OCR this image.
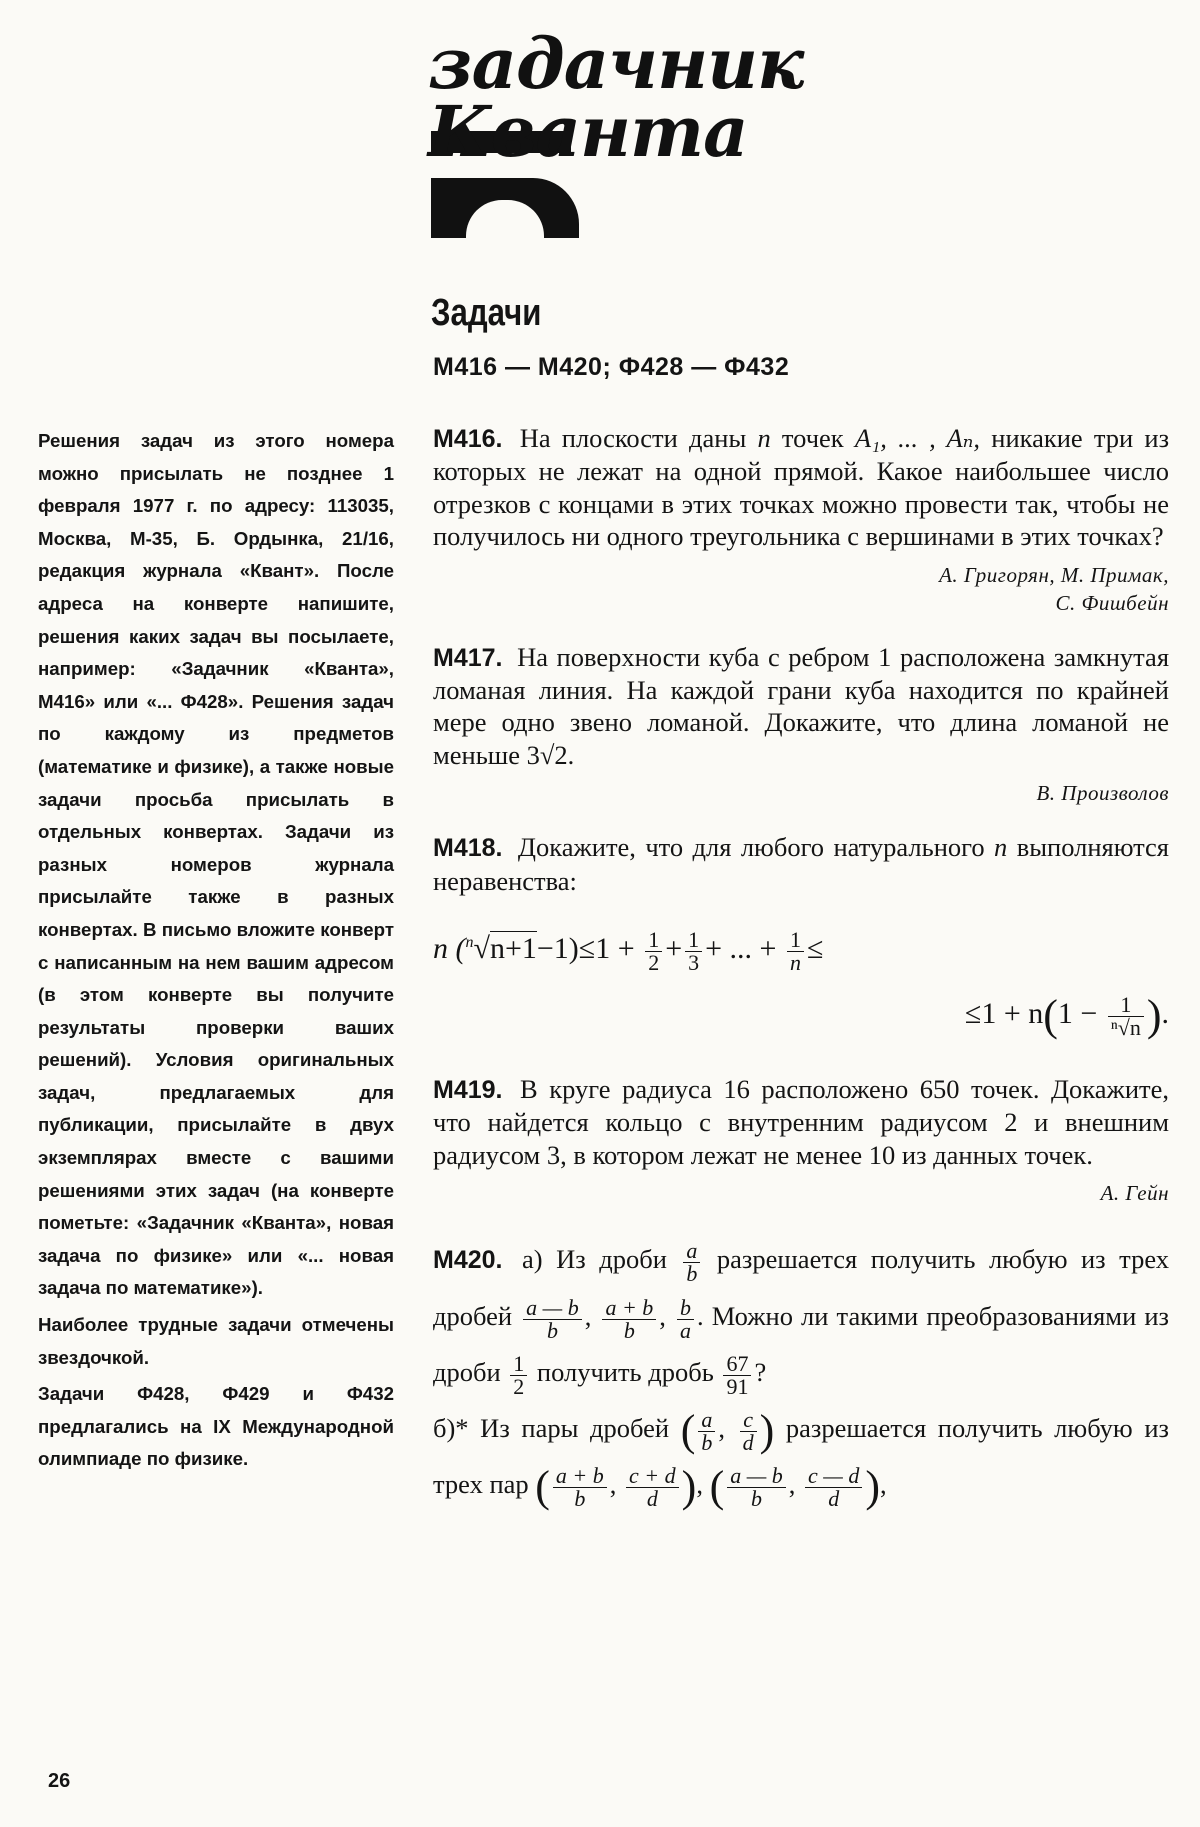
задачник
Кванта
Задачи
М416 — М420; Ф428 — Ф432

Решения задач из этого номера можно присылать не позднее 1 февраля 1977 г. по адресу: 113035, Москва, М-35, Б. Ордынка, 21/16, редакция журнала «Квант». После адреса на конверте напишите, решения каких задач вы посылаете, например: «Задачник «Кванта», М416» или «... Ф428». Решения задач по каждому из предметов (математике и физике), а также новые задачи просьба присылать в отдельных конвертах. Задачи из разных номеров журнала присылайте также в разных конвертах. В письмо вложите конверт с написанным на нем вашим адресом (в этом конверте вы получите результаты проверки ваших решений). Условия оригинальных задач, предлагаемых для публикации, присылайте в двух экземплярах вместе с вашими решениями этих задач (на конверте пометьте: «Задачник «Кванта», новая задача по физике» или «... новая задача по математике»).

Наиболее трудные задачи отмечены звездочкой.

Задачи Ф428, Ф429 и Ф432 предлагались на IX Международной олимпиаде по физике.

М416. На плоскости даны n точек A₁, ... , Aₙ, никакие три из которых не лежат на одной прямой. Какое наибольшее число отрезков с концами в этих точках можно провести так, чтобы не получилось ни одного треугольника с вершинами в этих точках?

А. Григорян, М. Примак,
С. Фишбейн

М417. На поверхности куба с ребром 1 расположена замкнутая ломаная линия. На каждой грани куба находится по крайней мере одно звено ломаной. Докажите, что длина ломаной не меньше 3√2.

В. Произволов

М418. Докажите, что для любого натурального n выполняются неравенства:

n $(^n√n+1-1)\le 1 + \frac{1}{2} + \frac{1}{3}$ + ... + $\frac{1}{n}$ ≤
$\le 1 + n(1 - \frac{1}{\text{ⁿ√n}}$ ).

М419. В круге радиуса 16 расположено 650 точек. Докажите, что найдется кольцо с внутренним радиусом 2 и внешним радиусом 3, в котором лежат не менее 10 из данных точек.

А. Гейн

М420. а) Из дроби $\frac{a}{b}$ разрешается получить любую из трех дробей $\frac{a — b}{b}$ , $\frac{a + b}{b}$ , $\frac{b}{a}$ . Можно ли такими преобразованиями из дроби $\frac{1}{2}$ получить дробь $\frac{67}{91}$ ?

б)* Из пары дробей ( $\frac{a}{b}$ , $\frac{c}{d}$ ) разрешается получить любую из трех пар ( $\frac{a + b}{b}$ , $\frac{c + d}{d}$ ), ( $\frac{a — b}{b}$ , $\frac{c — d}{d}$ ),

26
